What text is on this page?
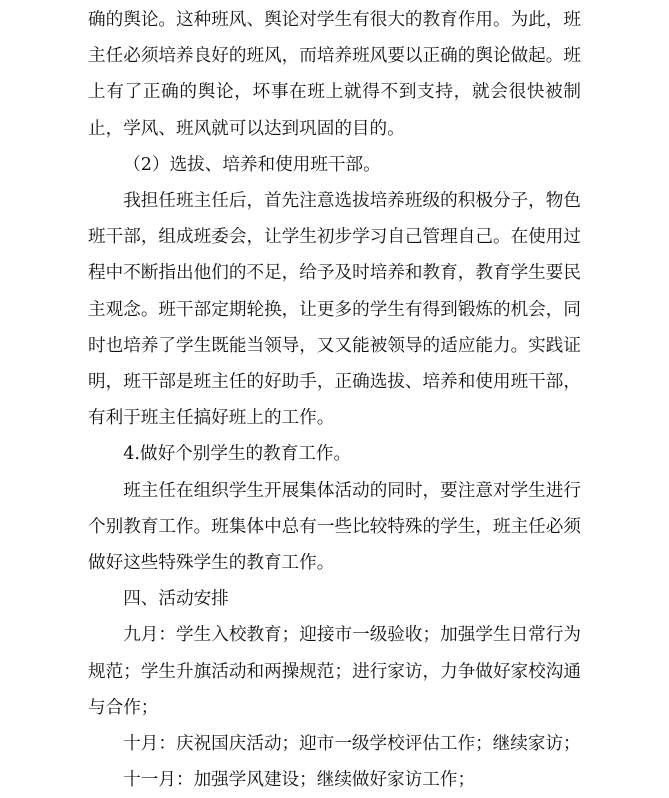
确的舆论。这种班风、舆论对学生有很大的教育作用。为此，班主任必须培养良好的班风，而培养班风要以正确的舆论做起。班上有了正确的舆论，坏事在班上就得不到支持，就会很快被制止，学风、班风就可以达到巩固的目的。

（2）选拔、培养和使用班干部。

我担任班主任后，首先注意选拔培养班级的积极分子，物色班干部，组成班委会，让学生初步学习自己管理自己。在使用过程中不断指出他们的不足，给予及时培养和教育，教育学生要民主观念。班干部定期轮换，让更多的学生有得到锻炼的机会，同时也培养了学生既能当领导，又又能被领导的适应能力。实践证明，班干部是班主任的好助手，正确选拔、培养和使用班干部，有利于班主任搞好班上的工作。

4.做好个别学生的教育工作。

班主任在组织学生开展集体活动的同时，要注意对学生进行个别教育工作。班集体中总有一些比较特殊的学生，班主任必须做好这些特殊学生的教育工作。

四、活动安排

九月：学生入校教育；迎接市一级验收；加强学生日常行为规范；学生升旗活动和两操规范；进行家访，力争做好家校沟通与合作；

十月：庆祝国庆活动；迎市一级学校评估工作；继续家访；

十一月：加强学风建设；继续做好家访工作；
